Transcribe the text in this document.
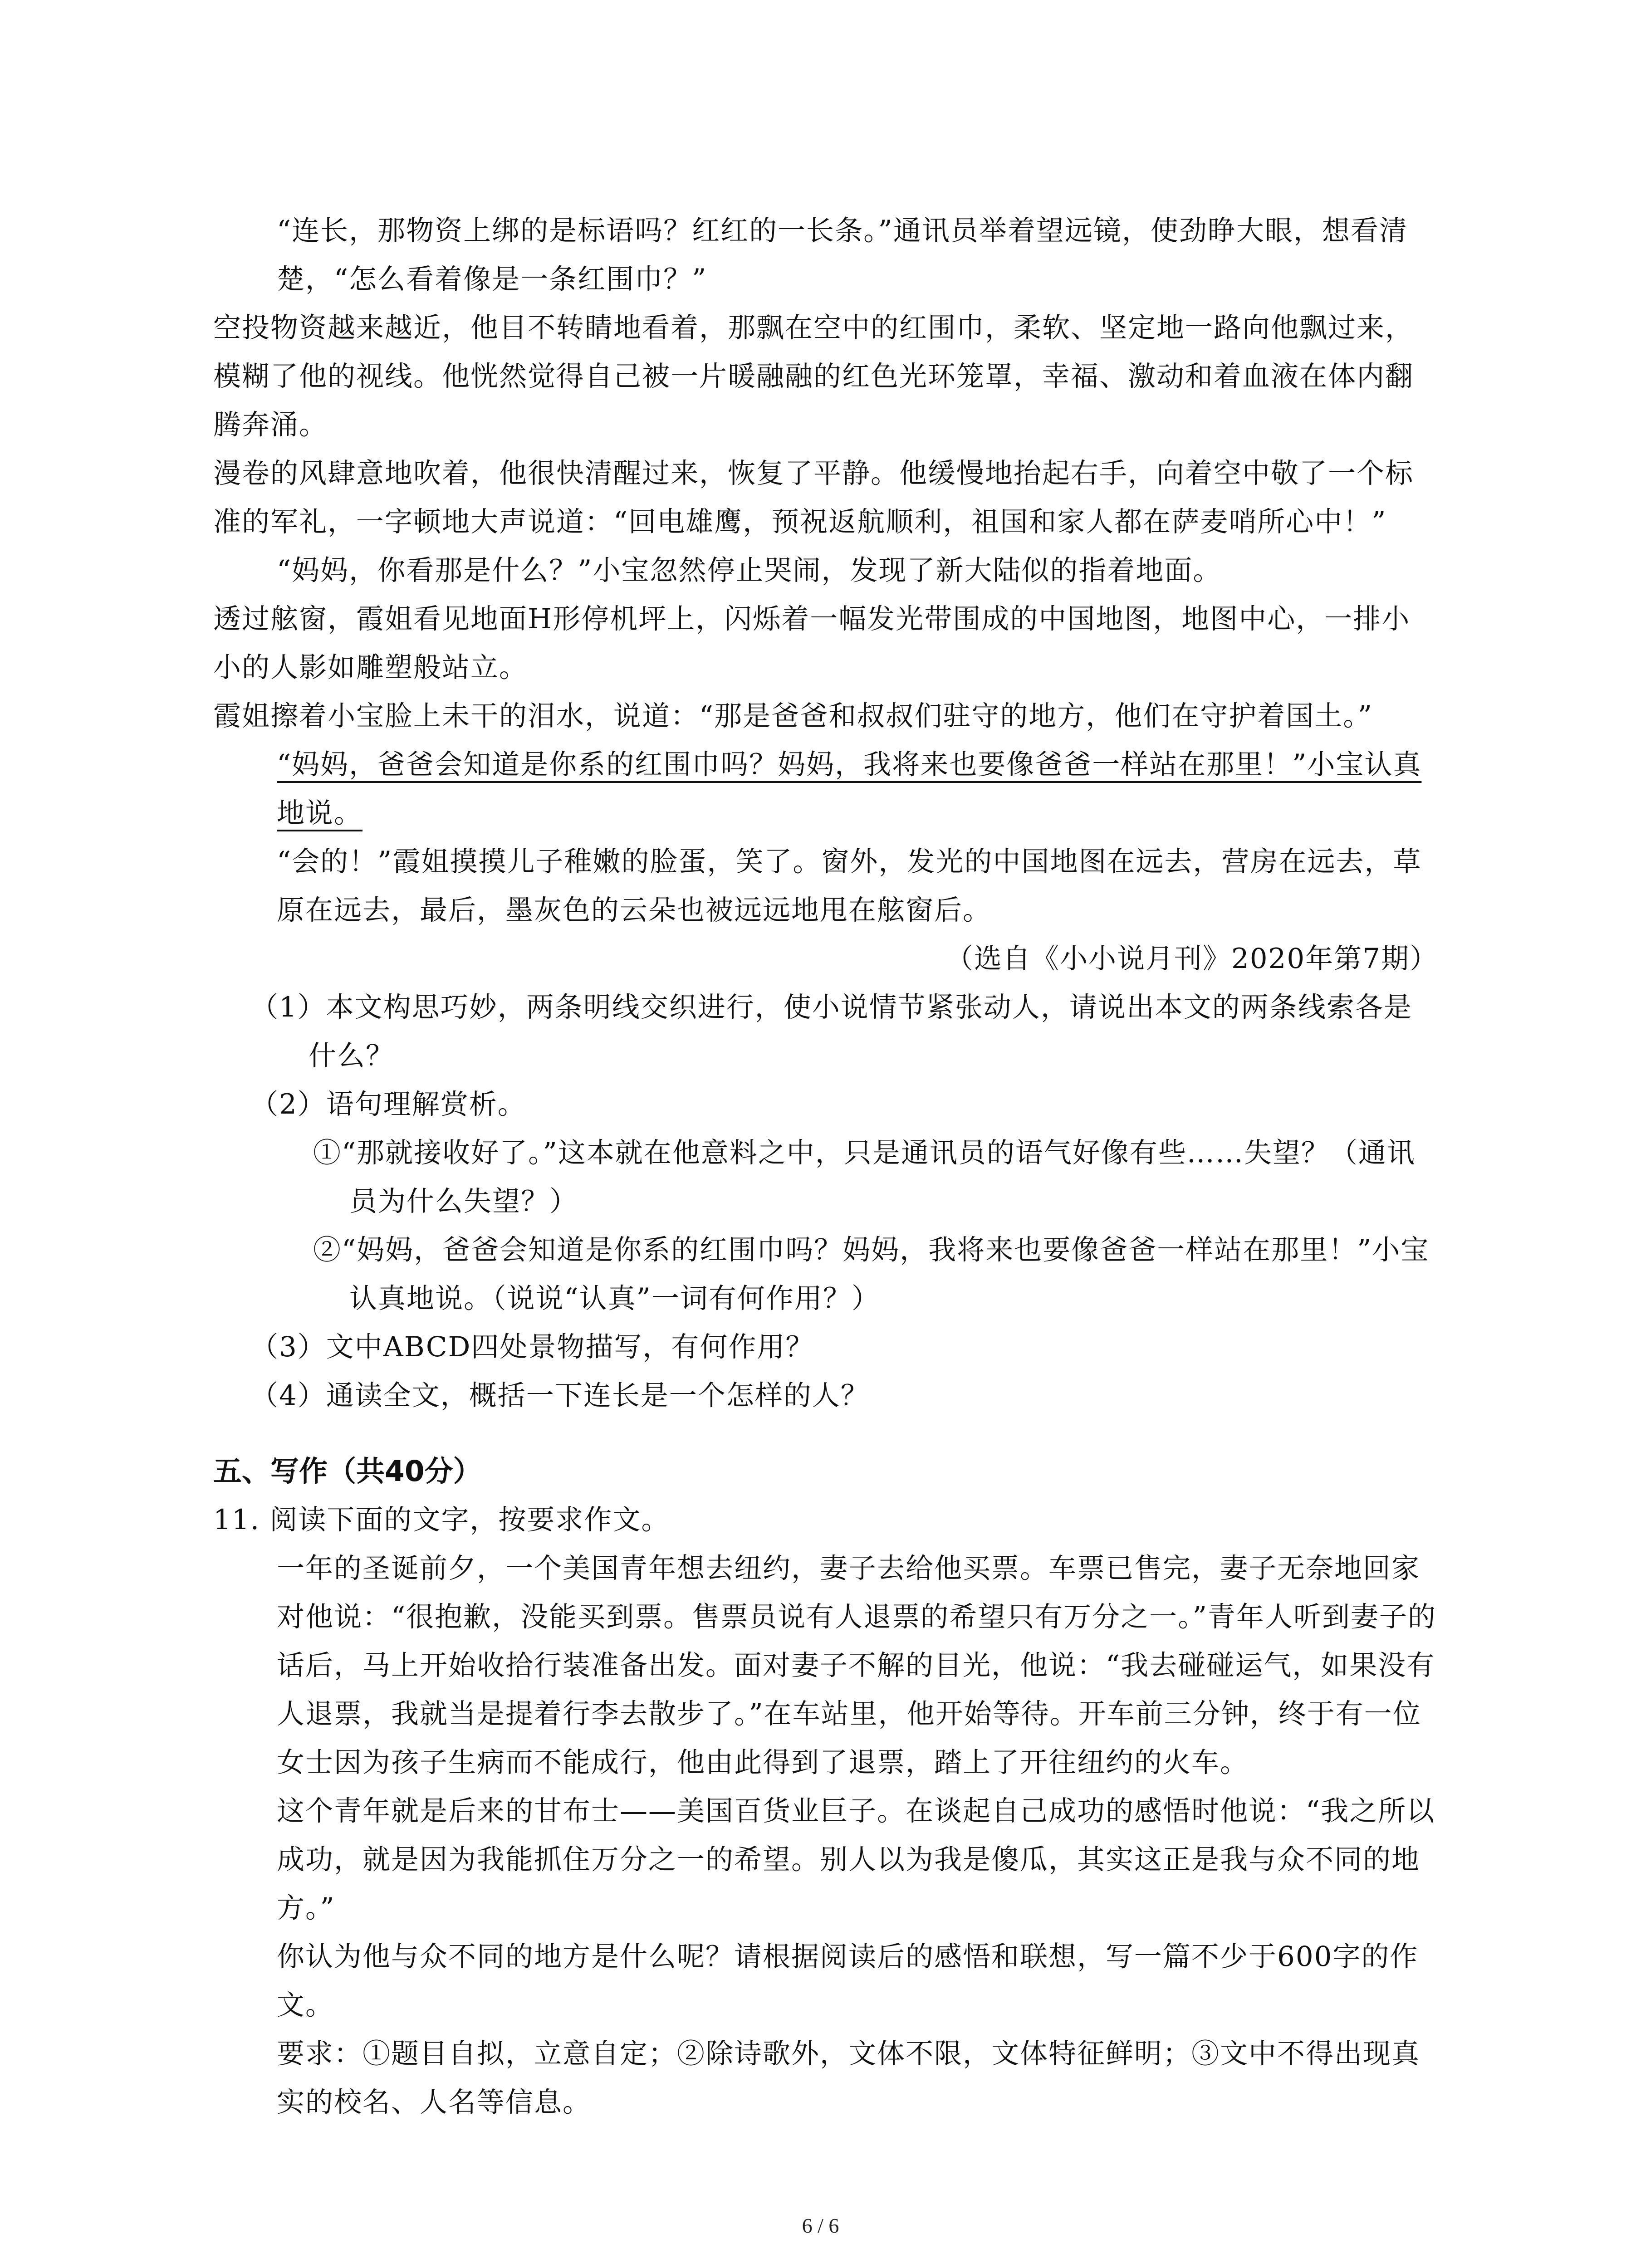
“连长，那物资上绑的是标语吗？红红的一长条。”通讯员举着望远镜，使劲睁大眼，想看清楚，“怎么看着像是一条红围巾？”

空投物资越来越近，他目不转睛地看着，那飘在空中的红围巾，柔软、坚定地一路向他飘过来，模糊了他的视线。他恍然觉得自己被一片暖融融的红色光环笼罩，幸福、激动和着血液在体内翻腾奔涌。

漫卷的风肆意地吹着，他很快清醒过来，恢复了平静。他缓慢地抬起右手，向着空中敬了一个标准的军礼，一字顿地大声说道：“回电雄鹰，预祝返航顺利，祖国和家人都在萨麦哨所心中！”

“妈妈，你看那是什么？”小宝忽然停止哭闹，发现了新大陆似的指着地面。

透过舷窗，霞姐看见地面H形停机坪上，闪烁着一幅发光带围成的中国地图，地图中心，一排小小的人影如雕塑般站立。

霞姐擦着小宝脸上未干的泪水，说道：“那是爸爸和叔叔们驻守的地方，他们在守护着国土。”

“妈妈，爸爸会知道是你系的红围巾吗？妈妈，我将来也要像爸爸一样站在那里！”小宝认真地说。

“会的！”霞姐摸摸儿子稚嫩的脸蛋，笑了。窗外，发光的中国地图在远去，营房在远去，草原在远去，最后，墨灰色的云朵也被远远地甩在舷窗后。

（选自《小小说月刊》2020年第7期）

（1）本文构思巧妙，两条明线交织进行，使小说情节紧张动人，请说出本文的两条线索各是什么？

（2）语句理解赏析。

①“那就接收好了。”这本就在他意料之中，只是通讯员的语气好像有些……失望？（通讯员为什么失望？）

②“妈妈，爸爸会知道是你系的红围巾吗？妈妈，我将来也要像爸爸一样站在那里！”小宝认真地说。（说说“认真”一词有何作用？）

（3）文中ABCD四处景物描写，有何作用？

（4）通读全文，概括一下连长是一个怎样的人？

五、写作（共40分）

11. 阅读下面的文字，按要求作文。

一年的圣诞前夕，一个美国青年想去纽约，妻子去给他买票。车票已售完，妻子无奈地回家对他说：“很抱歉，没能买到票。售票员说有人退票的希望只有万分之一。”青年人听到妻子的话后，马上开始收拾行装准备出发。面对妻子不解的目光，他说：“我去碰碰运气，如果没有人退票，我就当是提着行李去散步了。”在车站里，他开始等待。开车前三分钟，终于有一位女士因为孩子生病而不能成行，他由此得到了退票，踏上了开往纽约的火车。

这个青年就是后来的甘布士——美国百货业巨子。在谈起自己成功的感悟时他说：“我之所以成功，就是因为我能抓住万分之一的希望。别人以为我是傻瓜，其实这正是我与众不同的地方。”

你认为他与众不同的地方是什么呢？请根据阅读后的感悟和联想，写一篇不少于600字的作文。

要求：①题目自拟，立意自定；②除诗歌外，文体不限，文体特征鲜明；③文中不得出现真实的校名、人名等信息。

6 / 6
